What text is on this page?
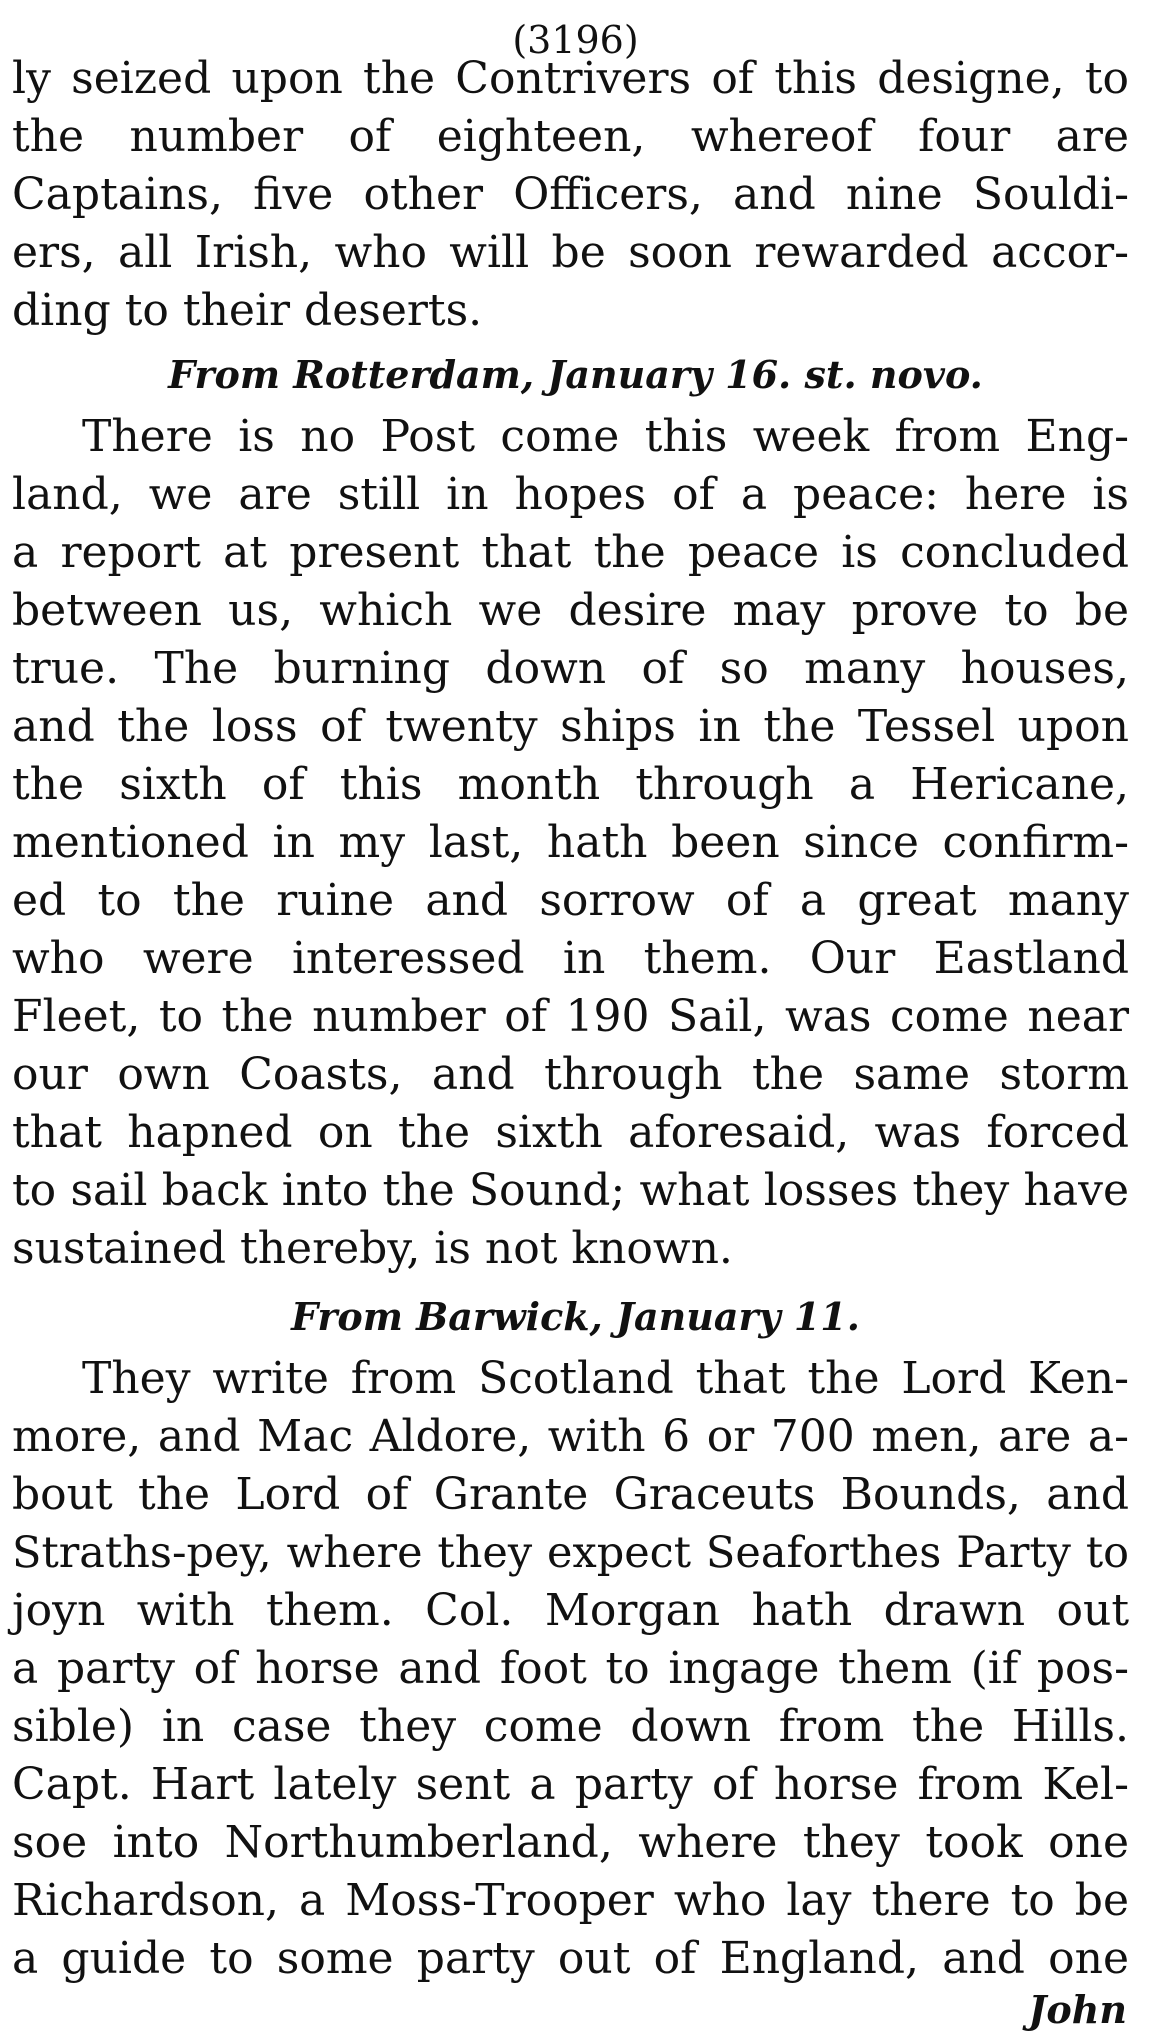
(3196)
ly seized upon the Contrivers of this designe, to
the number of eighteen, whereof four are
Captains, five other Officers, and nine Souldi-
ers, all Irish, who will be soon rewarded accor-
ding to their deserts.
From Rotterdam, January 16. st. novo.
There is no Post come this week from Eng-
land, we are still in hopes of a peace: here is
a report at present that the peace is concluded
between us, which we desire may prove to be
true. The burning down of so many houses,
and the loss of twenty ships in the Tessel upon
the sixth of this month through a Hericane,
mentioned in my last, hath been since confirm-
ed to the ruine and sorrow of a great many
who were interessed in them. Our Eastland
Fleet, to the number of 190 Sail, was come near
our own Coasts, and through the same storm
that hapned on the sixth aforesaid, was forced
to sail back into the Sound; what losses they have
sustained thereby, is not known.
From Barwick, January 11.
They write from Scotland that the Lord Ken-
more, and Mac Aldore, with 6 or 700 men, are a-
bout the Lord of Grante Graceuts Bounds, and
Straths-pey, where they expect Seaforthes Party to
joyn with them. Col. Morgan hath drawn out
a party of horse and foot to ingage them (if pos-
sible) in case they come down from the Hills.
Capt. Hart lately sent a party of horse from Kel-
soe into Northumberland, where they took one
Richardson, a Moss-Trooper who lay there to be
a guide to some party out of England, and one
John
